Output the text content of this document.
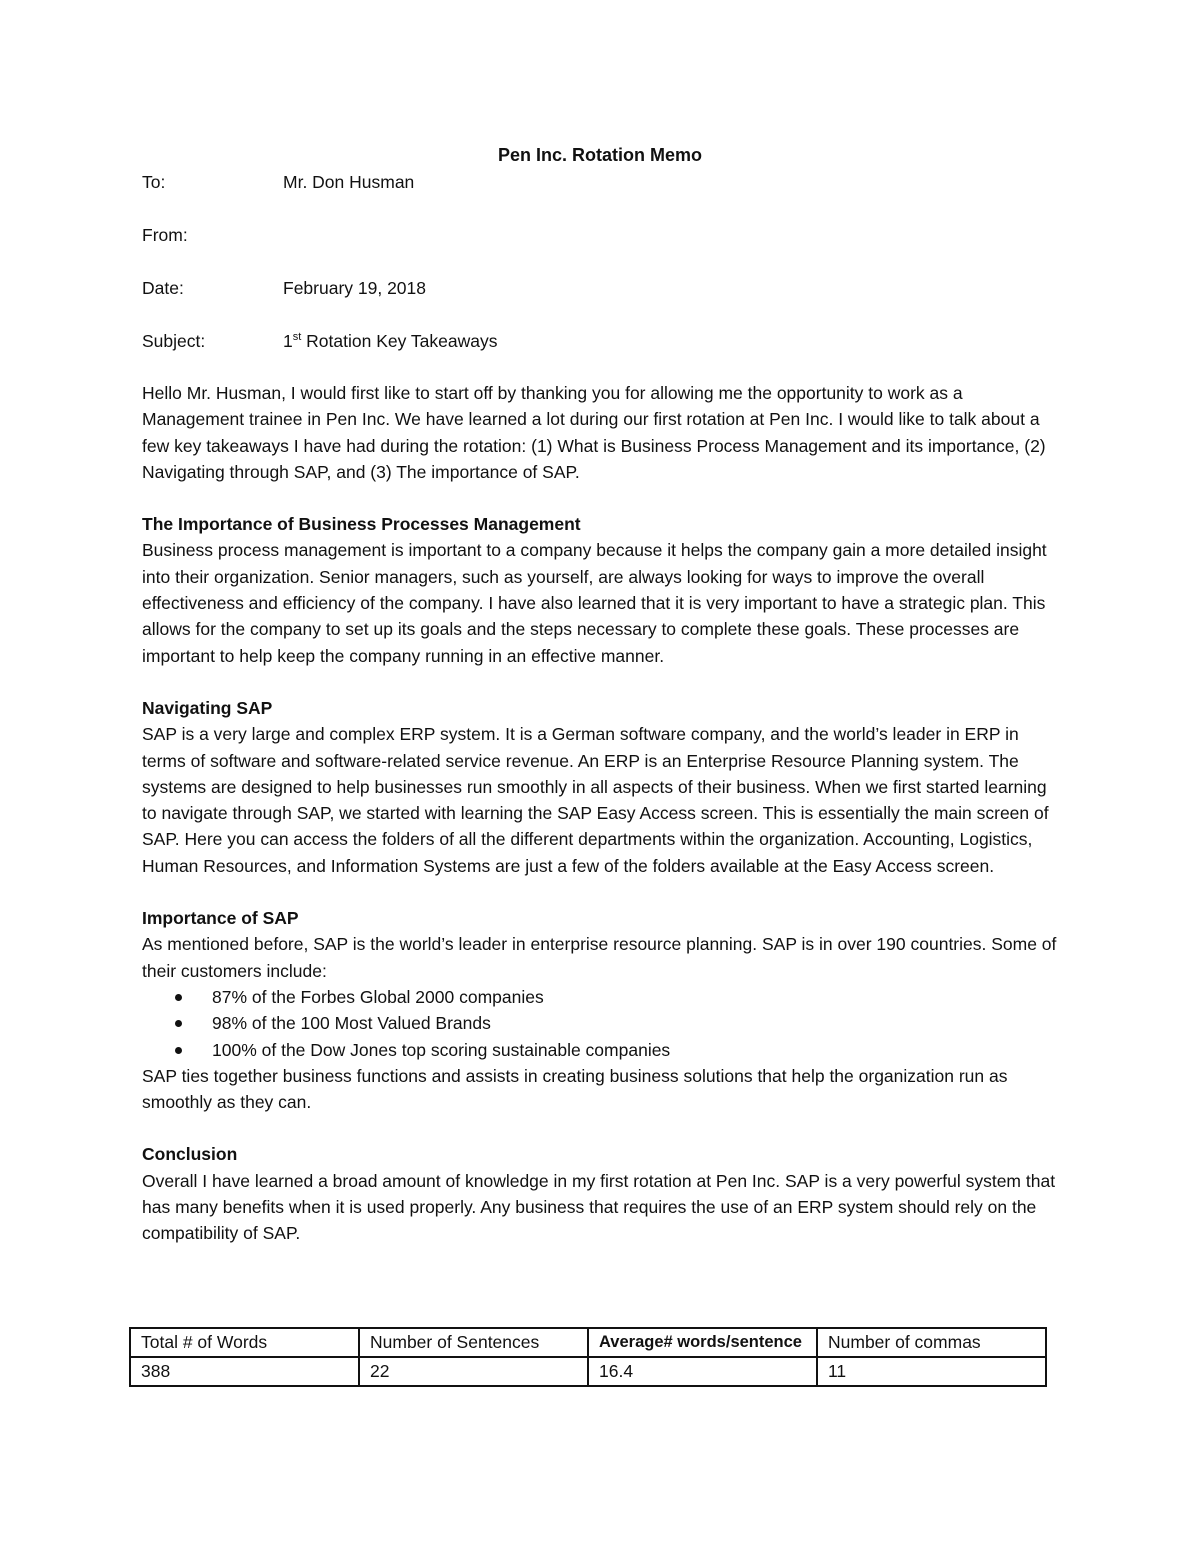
Pen Inc. Rotation Memo
To:	Mr. Don Husman
From:
Date:	February 19, 2018
Subject:	1st Rotation Key Takeaways

Hello Mr. Husman, I would first like to start off by thanking you for allowing me the opportunity to work as a Management trainee in Pen Inc. We have learned a lot during our first rotation at Pen Inc. I would like to talk about a few key takeaways I have had during the rotation: (1) What is Business Process Management and its importance, (2) Navigating through SAP, and (3) The importance of SAP.

The Importance of Business Processes Management

Business process management is important to a company because it helps the company gain a more detailed insight into their organization. Senior managers, such as yourself, are always looking for ways to improve the overall effectiveness and efficiency of the company. I have also learned that it is very important to have a strategic plan. This allows for the company to set up its goals and the steps necessary to complete these goals. These processes are important to help keep the company running in an effective manner.

Navigating SAP

SAP is a very large and complex ERP system. It is a German software company, and the world’s leader in ERP in terms of software and software-related service revenue. An ERP is an Enterprise Resource Planning system. The systems are designed to help businesses run smoothly in all aspects of their business. When we first started learning to navigate through SAP, we started with learning the SAP Easy Access screen. This is essentially the main screen of SAP. Here you can access the folders of all the different departments within the organization. Accounting, Logistics, Human Resources, and Information Systems are just a few of the folders available at the Easy Access screen.

Importance of SAP

As mentioned before, SAP is the world’s leader in enterprise resource planning. SAP is in over 190 countries. Some of their customers include:

87% of the Forbes Global 2000 companies
98% of the 100 Most Valued Brands
100% of the Dow Jones top scoring sustainable companies

SAP ties together business functions and assists in creating business solutions that help the organization run as smoothly as they can.

Conclusion

Overall I have learned a broad amount of knowledge in my first rotation at Pen Inc. SAP is a very powerful system that has many benefits when it is used properly. Any business that requires the use of an ERP system should rely on the compatibility of SAP.

Total # of Words	Number of Sentences	Average# words/sentence	Number of commas
388	22	16.4	11
